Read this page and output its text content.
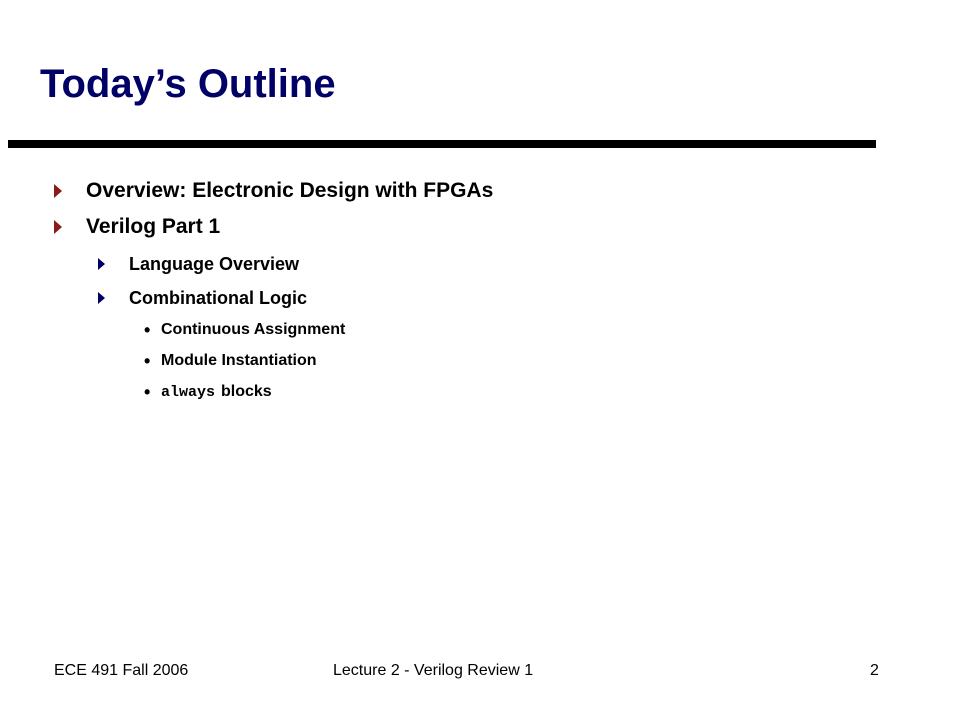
Today’s Outline
Overview: Electronic Design with FPGAs
Verilog Part 1
Language Overview
Combinational Logic
• Continuous Assignment
• Module Instantiation
• always blocks
ECE 491 Fall 2006	Lecture 2 - Verilog Review 1	2
